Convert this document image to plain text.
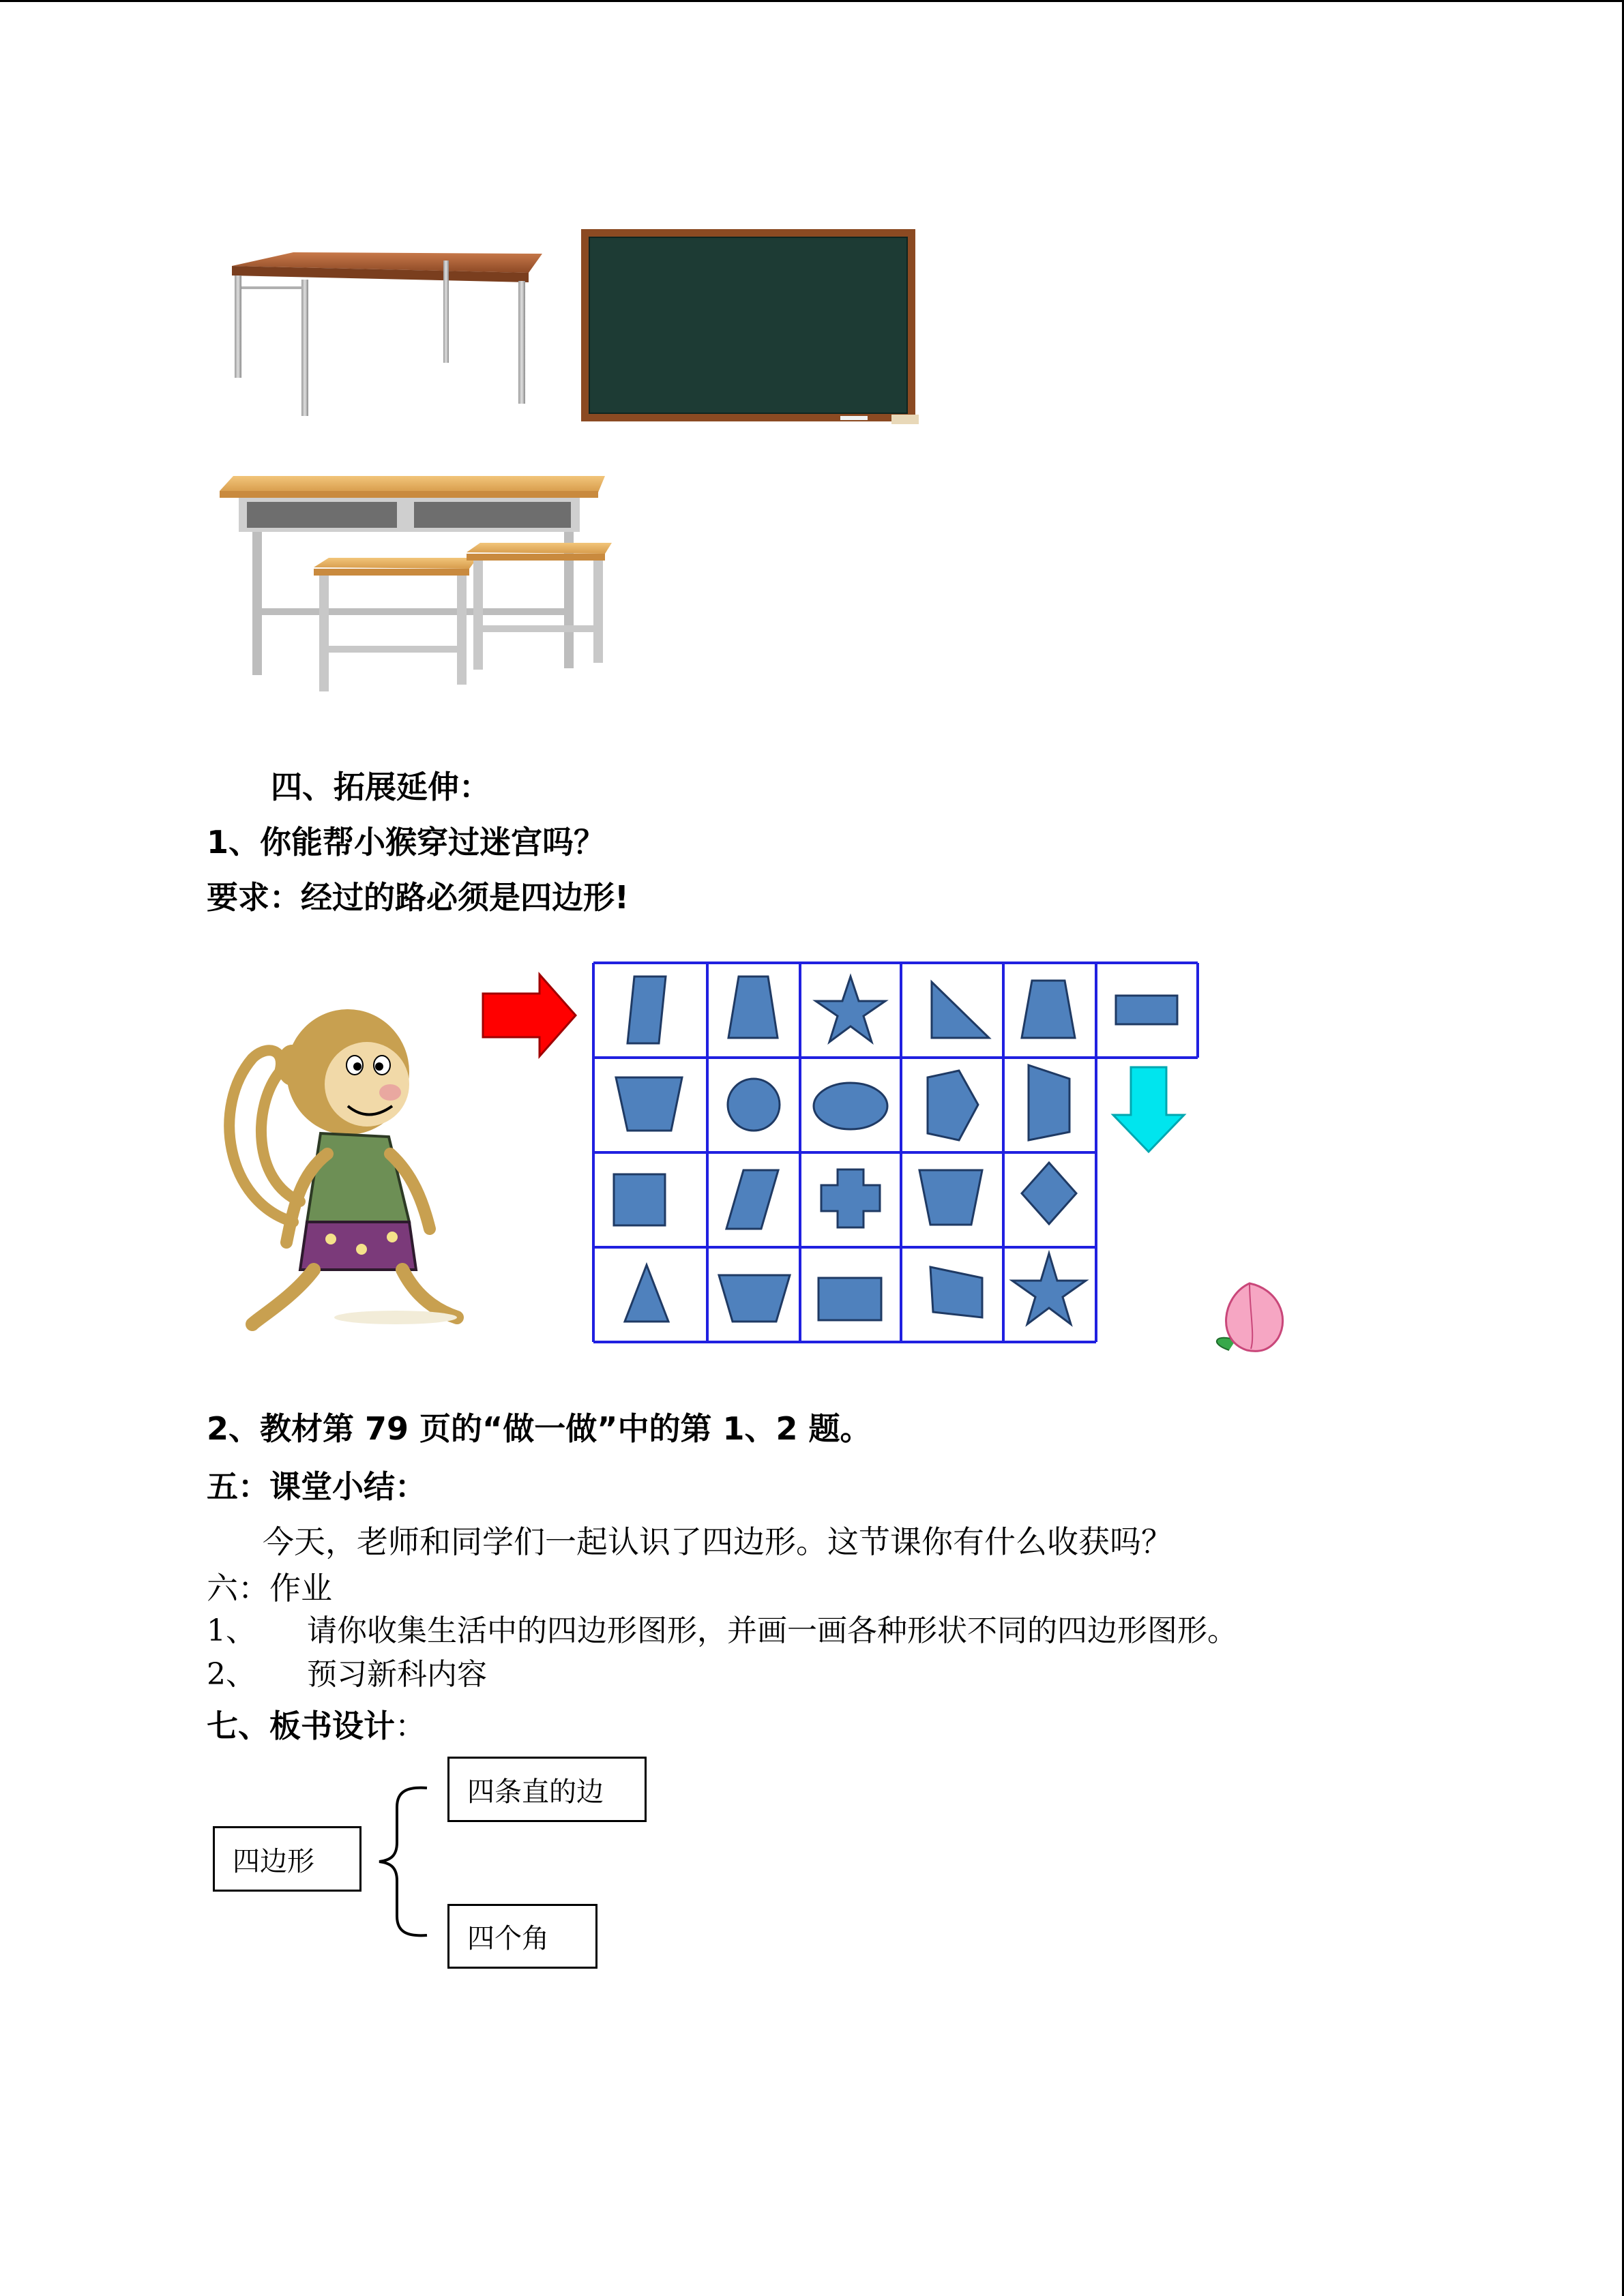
四、拓展延伸：
1、你能帮小猴穿过迷宫吗？
要求：经过的路必须是四边形!
2、教材第 79 页的“做一做”中的第 1、2 题。
五：课堂小结：
今天，老师和同学们一起认识了四边形。这节课你有什么收获吗？
六：作业
1、 请你收集生活中的四边形图形，并画一画各种形状不同的四边形图形。
2、 预习新科内容
七、板书设计：
四边形
四条直的边
四个角
